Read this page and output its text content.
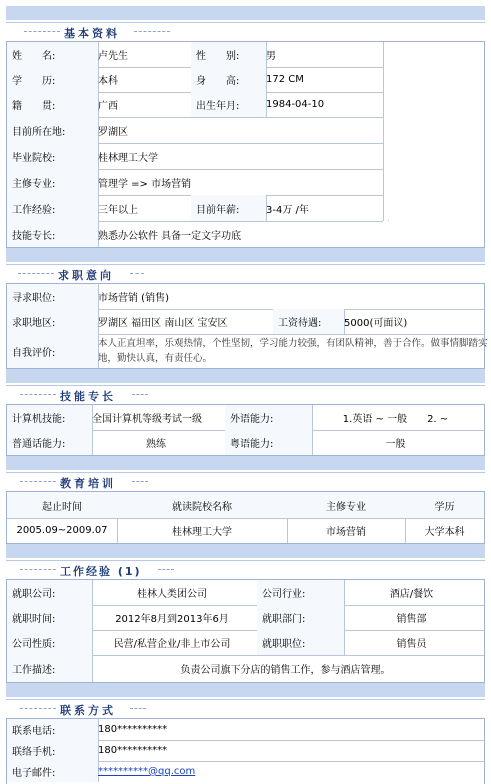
基本资料
姓　　名:	卢先生	性　　别:	男
学　　历:	本科	身　　高:	172 CM
籍　　贯:	广西	出生年月:	1984-04-10
目前所在地:	罗湖区
毕业院校:	桂林理工大学
主修专业:	管理学 => 市场营销
工作经验:	三年以上	目前年薪:	3-4万 /年
技能专长:	熟悉办公软件 具备一定文字功底
求职意向
寻求职位:	市场营销 (销售)
求职地区:	罗湖区 福田区 南山区 宝安区	工资待遇:	5000(可面议)
自我评价:
本人正直坦率，乐观热情，个性坚韧，学习能力较强，有团队精神，善于合作。做事情脚踏实地，勤快认真，有责任心。
技能专长
计算机技能:	全国计算机等级考试一级	外语能力:	1.英语 ~ 一般　　2. ~
普通话能力:	熟练	粤语能力:	一般
教育培训
起止时间	就读院校名称	主修专业	学历
2005.09~2009.07	桂林理工大学	市场营销	大学本科
工作经验 (1)
就职公司:	桂林人类团公司	公司行业:	酒店/餐饮
就职时间:	2012年8月到2013年6月	就职部门:	销售部
公司性质:	民营/私营企业/非上市公司	就职职位:	销售员
工作描述:	负责公司旗下分店的销售工作，参与酒店管理。
联系方式
联系电话:	180**********
联络手机:	180**********
电子邮件:	**********@qq.com
